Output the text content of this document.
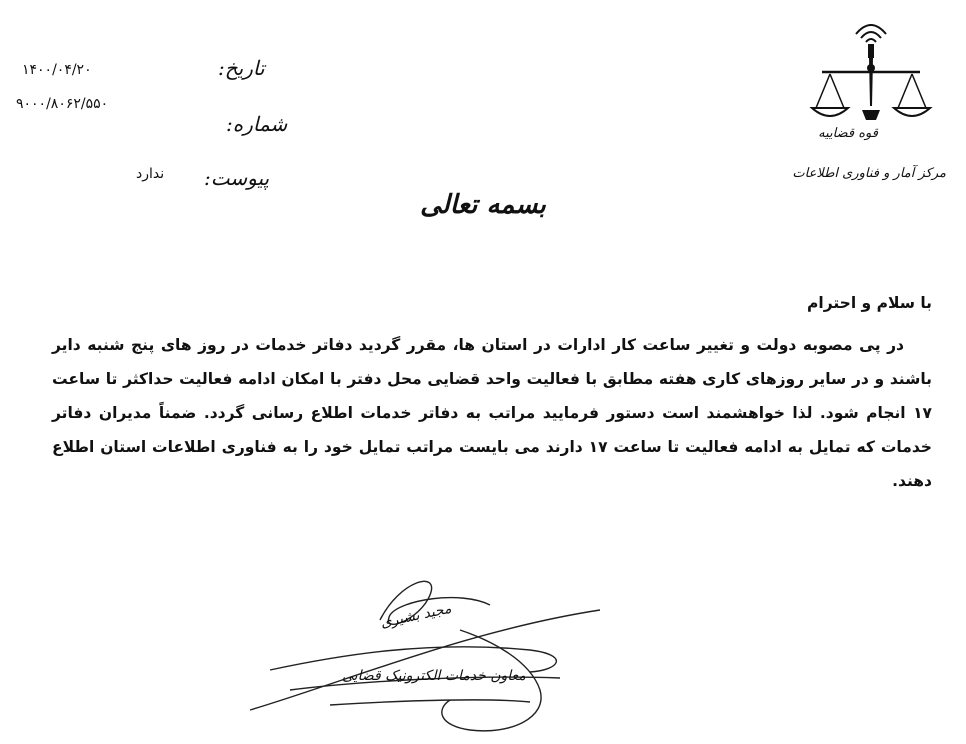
قوه قضاییه
مرکز آمار و فناوری اطلاعات
تاریخ:
۱۴۰۰/۰۴/۲۰
شماره:
۹۰۰۰/۸۰۶۲/۵۵۰
پیوست:
ندارد
بسمه تعالی
با سلام و احترام
در پی مصوبه دولت و تغییر ساعت کار ادارات در استان ها، مقرر گردید دفاتر خدمات در روز های پنج شنبه دایر باشند و در سایر روزهای کاری هفته مطابق با فعالیت واحد قضایی محل دفتر با امکان ادامه فعالیت حداکثر تا ساعت ۱۷ انجام شود. لذا خواهشمند است دستور فرمایید مراتب به دفاتر خدمات اطلاع رسانی گردد. ضمناً مدیران دفاتر خدمات که تمایل به ادامه فعالیت تا ساعت ۱۷ دارند می بایست مراتب تمایل خود را به فناوری اطلاعات استان اطلاع دهند.
مجید بشیری
معاون خدمات الکترونیک قضایی
